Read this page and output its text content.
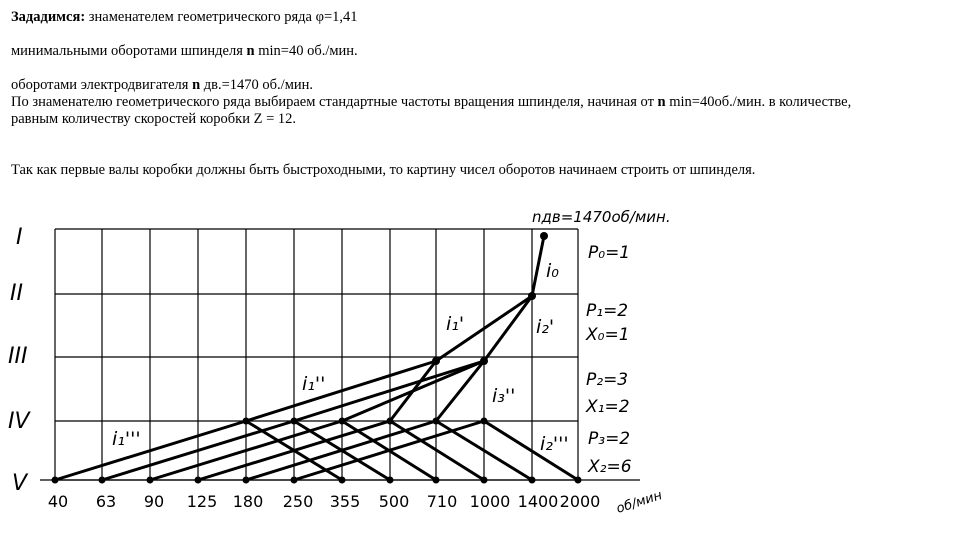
Зададимся: знаменателем геометрического ряда φ=1,41

минимальными оборотами шпинделя n min=40 об./мин.

оборотами электродвигателя n дв.=1470 об./мин.

По знаменателю геометрического ряда выбираем стандартные частоты вращения шпинделя, начиная от n min=40об./мин. в количестве,

равным количеству скоростей коробки Z = 12.

Так как первые валы коробки должны быть быстроходными, то картину чисел оборотов начинаем строить от шпинделя.

I
II
III
IV
V
40 63 90 125 180 250 355 500 710 1000 1400 2000 об/мин
nдв=1470об/мин.
i₀
i₁'	i₂'
i₁''
i₃''
i₁'''	i₂'''
P₀=1
P₁=2
X₀=1
P₂=3
X₁=2
P₃=2
X₂=6
